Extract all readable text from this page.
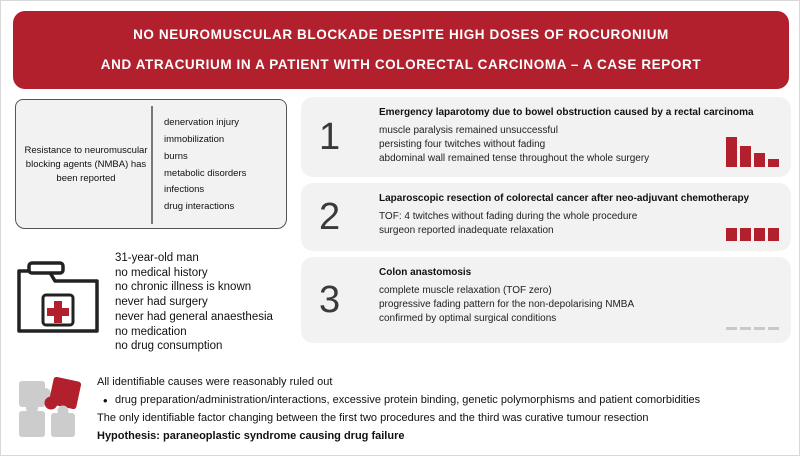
NO NEUROMUSCULAR BLOCKADE DESPITE HIGH DOSES OF ROCURONIUM
AND ATRACURIUM IN A PATIENT WITH COLORECTAL CARCINOMA – A CASE REPORT
Resistance to neuromuscular blocking agents (NMBA) has been reported
denervation injury
immobilization
burns
metabolic disorders
infections
drug interactions
31-year-old man
no medical history
no chronic illness is known
never had surgery
never had general anaesthesia
no medication
no drug consumption
1
Emergency laparotomy due to bowel obstruction caused by a rectal carcinoma
muscle paralysis remained unsuccessful
persisting four twitches without fading
abdominal wall remained tense throughout the whole surgery
2	Laparoscopic resection of colorectal cancer after neo-adjuvant chemotherapy
TOF: 4 twitches without fading during the whole procedure
surgeon reported inadequate relaxation
3
Colon anastomosis
complete muscle relaxation (TOF zero)
progressive fading pattern for the non-depolarising NMBA
confirmed by optimal surgical conditions
All identifiable causes were reasonably ruled out
• drug preparation/administration/interactions, excessive protein binding, genetic polymorphisms and patient comorbidities
The only identifiable factor changing between the first two procedures and the third was curative tumour resection
Hypothesis: paraneoplastic syndrome causing drug failure
